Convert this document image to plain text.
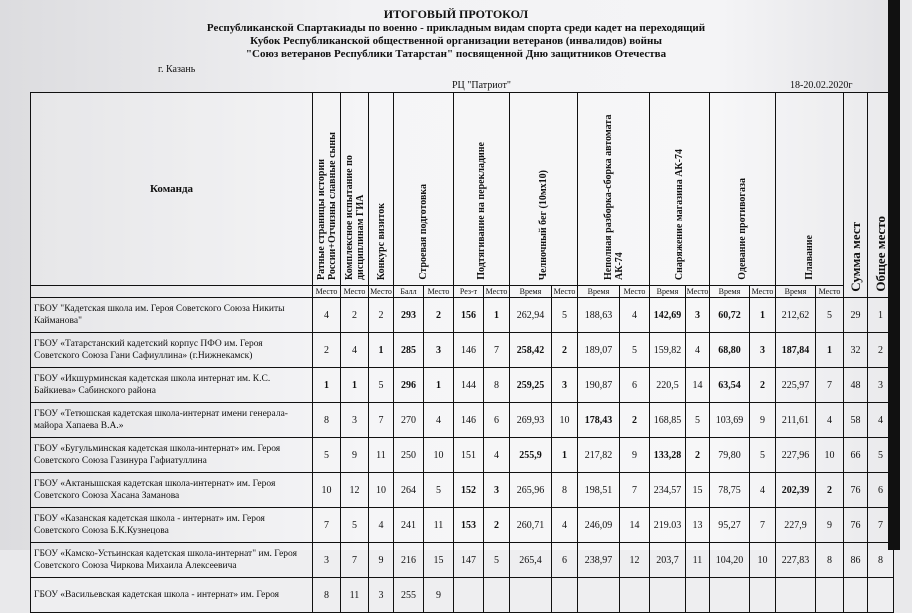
ИТОГОВЫЙ ПРОТОКОЛ
Республиканской Спартакиады по военно - прикладным видам спорта среди кадет на переходящий
Кубок Республиканской общественной организации ветеранов (инвалидов) войны
"Союз ветеранов Республики Татарстан" посвященной Дню защитников Отечества
г. Казань
РЦ "Патриот"	18-20.02.2020г
Команда	Ратные страницы истории России+Отчизны славные сыны	Комплексное испытание по дисциплинам ГИА	Конкурс визиток	Строевая подготовка		Подтягивание на перекладине		Челночный бег (10мх10)		Неполная разборка-сборка автомата АК-74		Снаряжение магазина АК-74		Одевание противогаза		Плавание		Сумма мест	Общее место
	Место	Место	Место	Балл	Место	Рез-т	Место	Время	Место	Время	Место	Время	Место	Время	Место	Время	Место		
ГБОУ "Кадетская школа им. Героя Советского Союза Никиты Кайманова"	4	2	2	293	2	156	1	262,94	5	188,63	4	142,69	3	60,72	1	212,62	5	29	1
ГБОУ «Татарстанский кадетский корпус ПФО им. Героя Советского Союза Гани Сафиуллина» (г.Нижнекамск)	2	4	1	285	3	146	7	258,42	2	189,07	5	159,82	4	68,80	3	187,84	1	32	2
ГБОУ «Икшурминская кадетская школа интернат им. К.С. Байкиева» Сабинского района	1	1	5	296	1	144	8	259,25	3	190,87	6	220,5	14	63,54	2	225,97	7	48	3
ГБОУ «Тетюшская кадетская школа-интернат имени генерала-майора Хапаева В.А.»	8	3	7	270	4	146	6	269,93	10	178,43	2	168,85	5	103,69	9	211,61	4	58	4
ГБОУ «Бугульминская кадетская школа-интернат» им. Героя Советского Союза Газинура Гафиатуллина	5	9	11	250	10	151	4	255,9	1	217,82	9	133,28	2	79,80	5	227,96	10	66	5
ГБОУ «Актанышская кадетская школа-интернат» им. Героя Советского Союза Хасана Заманова	10	12	10	264	5	152	3	265,96	8	198,51	7	234,57	15	78,75	4	202,39	2	76	6
ГБОУ «Казанская кадетская школа - интернат» им. Героя Советского Союза Б.К.Кузнецова	7	5	4	241	11	153	2	260,71	4	246,09	14	219.03	13	95,27	7	227,9	9	76	7
ГБОУ «Камско-Устьинская кадетская школа-интернат" им. Героя Советского Союза Чиркова Михаила Алексеевича	3	7	9	216	15	147	5	265,4	6	238,97	12	203,7	11	104,20	10	227,83	8	86	8
ГБОУ «Васильевская кадетская школа - интернат» им. Героя	8	11	3	255	9														
